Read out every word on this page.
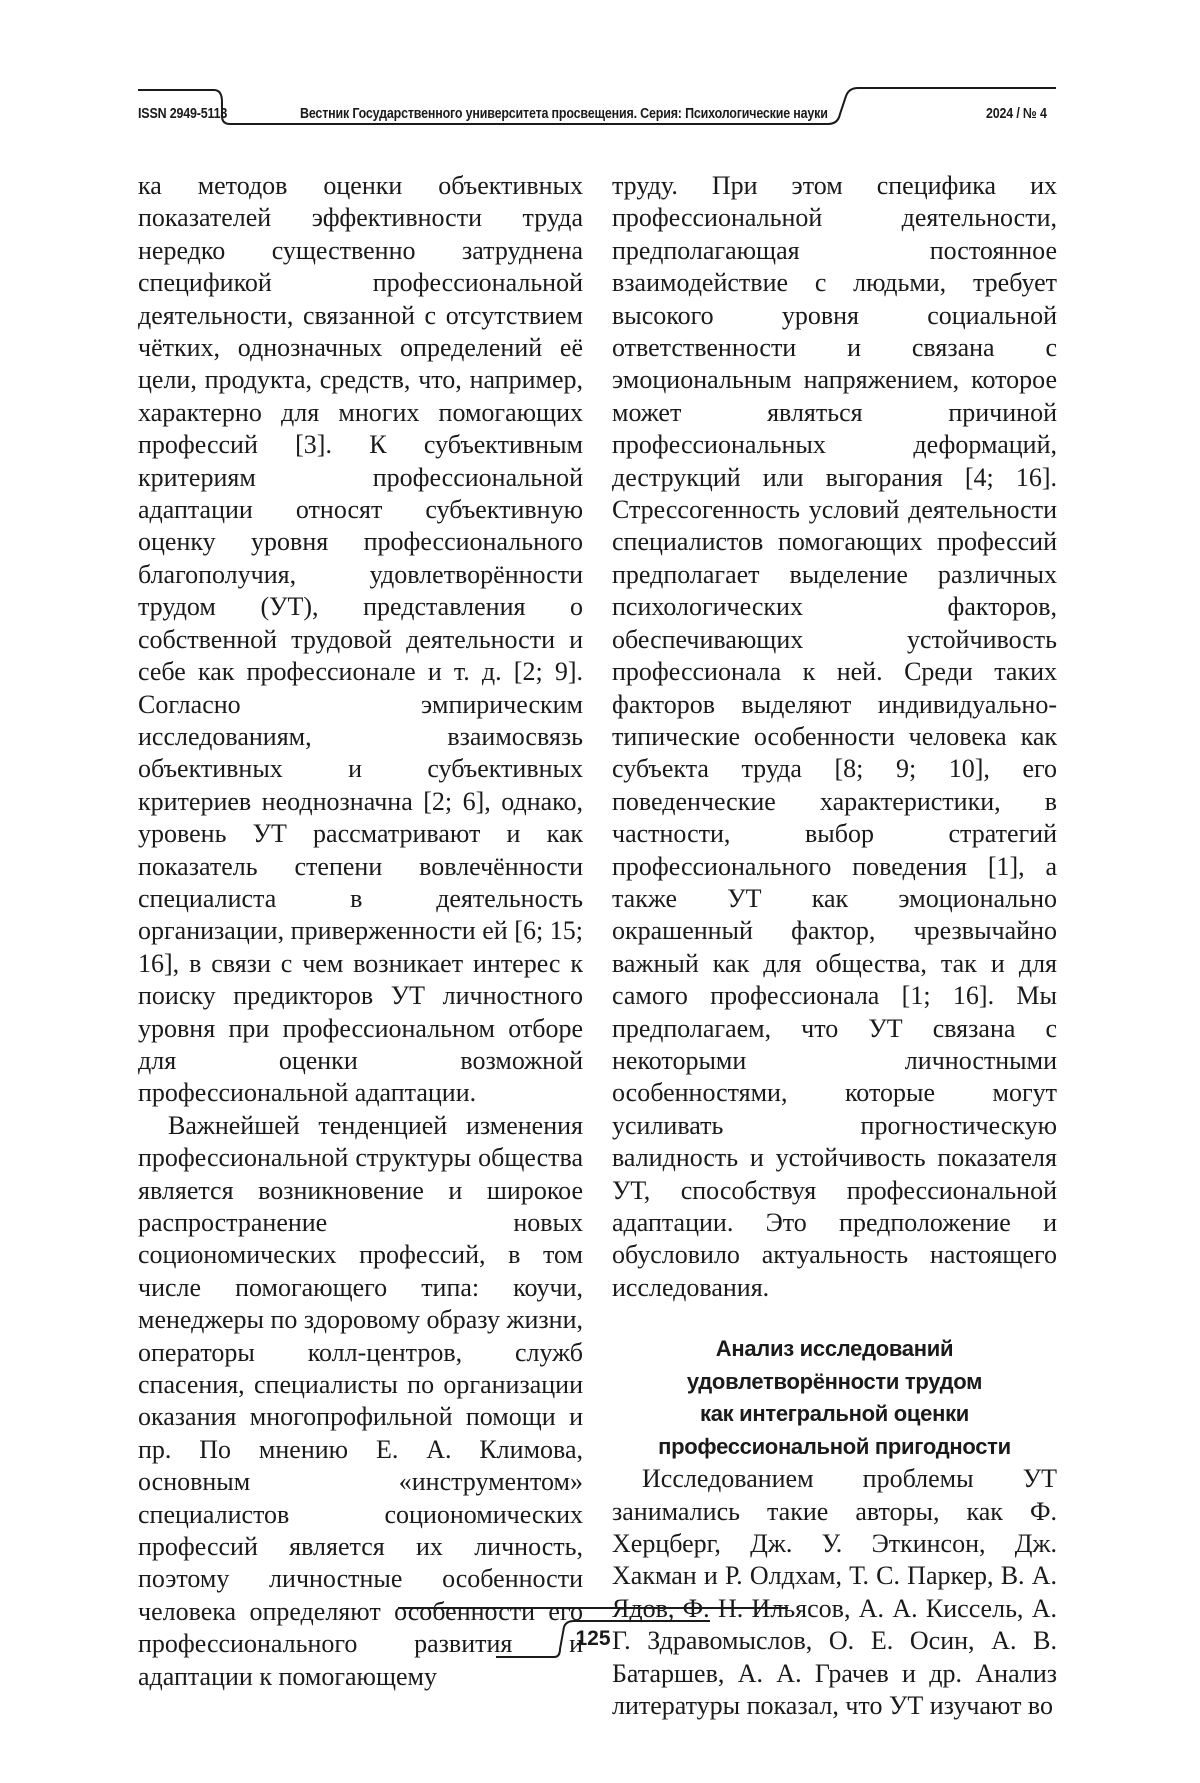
ISSN 2949-5113	Вестник Государственного университета просвещения. Серия: Психологические науки	2024 / № 4

ка методов оценки объективных показателей эффективности труда нередко существенно затруднена спецификой профессиональной деятельности, связанной с отсутствием чётких, однозначных определений её цели, продукта, средств, что, например, характерно для многих помогающих профессий [3]. К субъективным критериям профессиональной адаптации относят субъективную оценку уровня профессионального благополучия, удовлетворённости трудом (УТ), представления о собственной трудовой деятельности и себе как профессионале и т. д. [2; 9]. Согласно эмпирическим исследованиям, взаимосвязь объективных и субъективных критериев неоднозначна [2; 6], однако, уровень УТ рассматривают и как показатель степени вовлечённости специалиста в деятельность организации, приверженности ей [6; 15; 16], в связи с чем возникает интерес к поиску предикторов УТ личностного уровня при профессиональном отборе для оценки возможной профессиональной адаптации.

Важнейшей тенденцией изменения профессиональной структуры общества является возникновение и широкое распространение новых социономических профессий, в том числе помогающего типа: коучи, менеджеры по здоровому образу жизни, операторы колл-центров, служб спасения, специалисты по организации оказания многопрофильной помощи и пр. По мнению Е. А. Климова, основным «инструментом» специалистов социономических профессий является их личность, поэтому личностные особенности человека определяют особенности его профессионального развития и адаптации к помогающему

труду. При этом специфика их профессиональной деятельности, предполагающая постоянное взаимодействие с людьми, требует высокого уровня социальной ответственности и связана с эмоциональным напряжением, которое может являться причиной профессиональных деформаций, деструкций или выгорания [4; 16]. Стрессогенность условий деятельности специалистов помогающих профессий предполагает выделение различных психологических факторов, обеспечивающих устойчивость профессионала к ней. Среди таких факторов выделяют индивидуально-типические особенности человека как субъекта труда [8; 9; 10], его поведенческие характеристики, в частности, выбор стратегий профессионального поведения [1], а также УТ как эмоционально окрашенный фактор, чрезвычайно важный как для общества, так и для самого профессионала [1; 16]. Мы предполагаем, что УТ связана с некоторыми личностными особенностями, которые могут усиливать прогностическую валидность и устойчивость показателя УТ, способствуя профессиональной адаптации. Это предположение и обусловило актуальность настоящего исследования.

Анализ исследований
удовлетворённости трудом
как интегральной оценки
профессиональной пригодности

Исследованием проблемы УТ занимались такие авторы, как Ф. Херцберг, Дж. У. Эткинсон, Дж. Хакман и Р. Олдхам, Т. С. Паркер, В. А. Ядов, Ф. Н. Ильясов, А. А. Киссель, А. Г. Здравомыслов, О. Е. Осин, А. В. Батаршев, А. А. Грачев и др. Анализ литературы показал, что УТ изучают во

125
